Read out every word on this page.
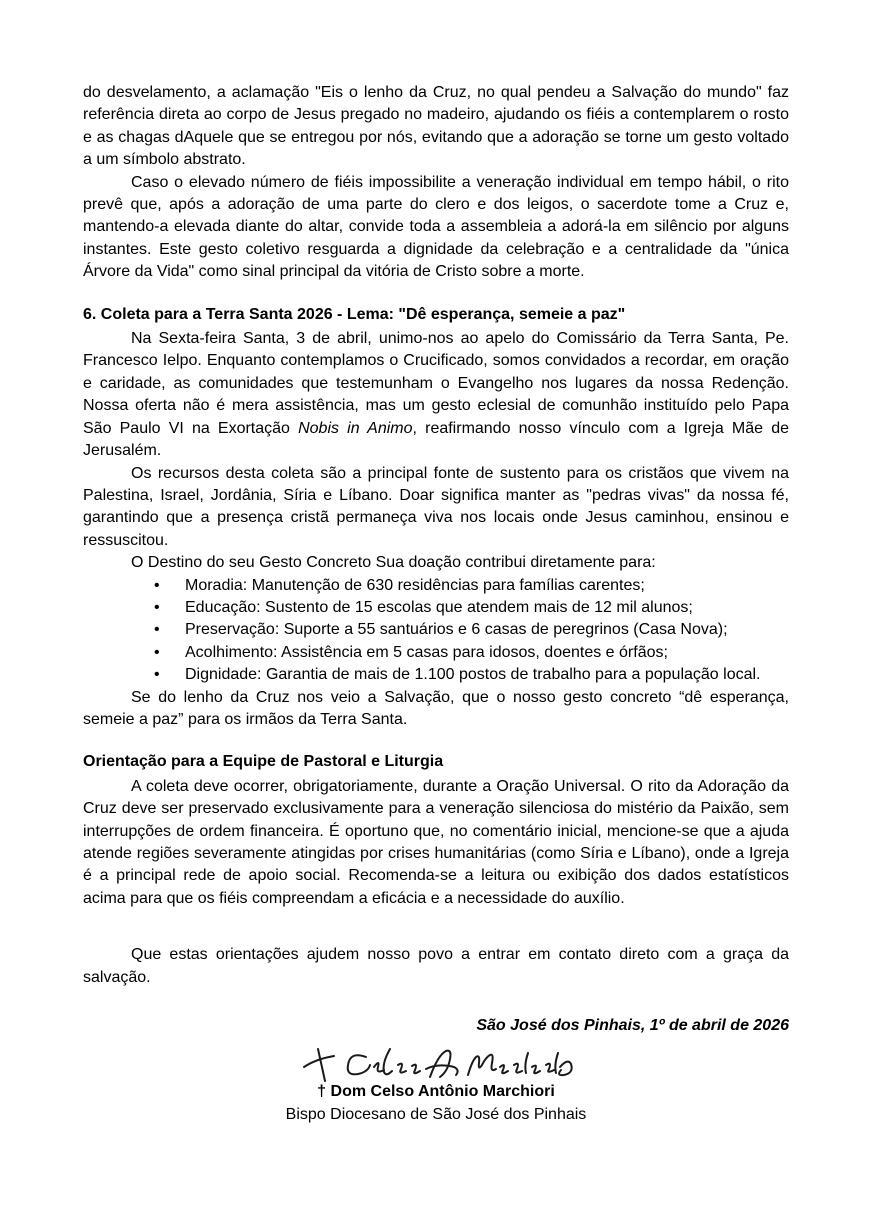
do desvelamento, a aclamação "Eis o lenho da Cruz, no qual pendeu a Salvação do mundo" faz referência direta ao corpo de Jesus pregado no madeiro, ajudando os fiéis a contemplarem o rosto e as chagas dAquele que se entregou por nós, evitando que a adoração se torne um gesto voltado a um símbolo abstrato.

Caso o elevado número de fiéis impossibilite a veneração individual em tempo hábil, o rito prevê que, após a adoração de uma parte do clero e dos leigos, o sacerdote tome a Cruz e, mantendo-a elevada diante do altar, convide toda a assembleia a adorá-la em silêncio por alguns instantes. Este gesto coletivo resguarda a dignidade da celebração e a centralidade da "única Árvore da Vida" como sinal principal da vitória de Cristo sobre a morte.

6. Coleta para a Terra Santa 2026 - Lema: "Dê esperança, semeie a paz"

Na Sexta-feira Santa, 3 de abril, unimo-nos ao apelo do Comissário da Terra Santa, Pe. Francesco Ielpo. Enquanto contemplamos o Crucificado, somos convidados a recordar, em oração e caridade, as comunidades que testemunham o Evangelho nos lugares da nossa Redenção. Nossa oferta não é mera assistência, mas um gesto eclesial de comunhão instituído pelo Papa São Paulo VI na Exortação Nobis in Animo, reafirmando nosso vínculo com a Igreja Mãe de Jerusalém.

Os recursos desta coleta são a principal fonte de sustento para os cristãos que vivem na Palestina, Israel, Jordânia, Síria e Líbano. Doar significa manter as "pedras vivas" da nossa fé, garantindo que a presença cristã permaneça viva nos locais onde Jesus caminhou, ensinou e ressuscitou.

O Destino do seu Gesto Concreto Sua doação contribui diretamente para:

• Moradia: Manutenção de 630 residências para famílias carentes;
• Educação: Sustento de 15 escolas que atendem mais de 12 mil alunos;
• Preservação: Suporte a 55 santuários e 6 casas de peregrinos (Casa Nova);
• Acolhimento: Assistência em 5 casas para idosos, doentes e órfãos;
• Dignidade: Garantia de mais de 1.100 postos de trabalho para a população local.

Se do lenho da Cruz nos veio a Salvação, que o nosso gesto concreto “dê esperança, semeie a paz” para os irmãos da Terra Santa.

Orientação para a Equipe de Pastoral e Liturgia

A coleta deve ocorrer, obrigatoriamente, durante a Oração Universal. O rito da Adoração da Cruz deve ser preservado exclusivamente para a veneração silenciosa do mistério da Paixão, sem interrupções de ordem financeira. É oportuno que, no comentário inicial, mencione-se que a ajuda atende regiões severamente atingidas por crises humanitárias (como Síria e Líbano), onde a Igreja é a principal rede de apoio social. Recomenda-se a leitura ou exibição dos dados estatísticos acima para que os fiéis compreendam a eficácia e a necessidade do auxílio.

Que estas orientações ajudem nosso povo a entrar em contato direto com a graça da salvação.

São José dos Pinhais, 1º de abril de 2026

† Dom Celso Antônio Marchiori

Bispo Diocesano de São José dos Pinhais
